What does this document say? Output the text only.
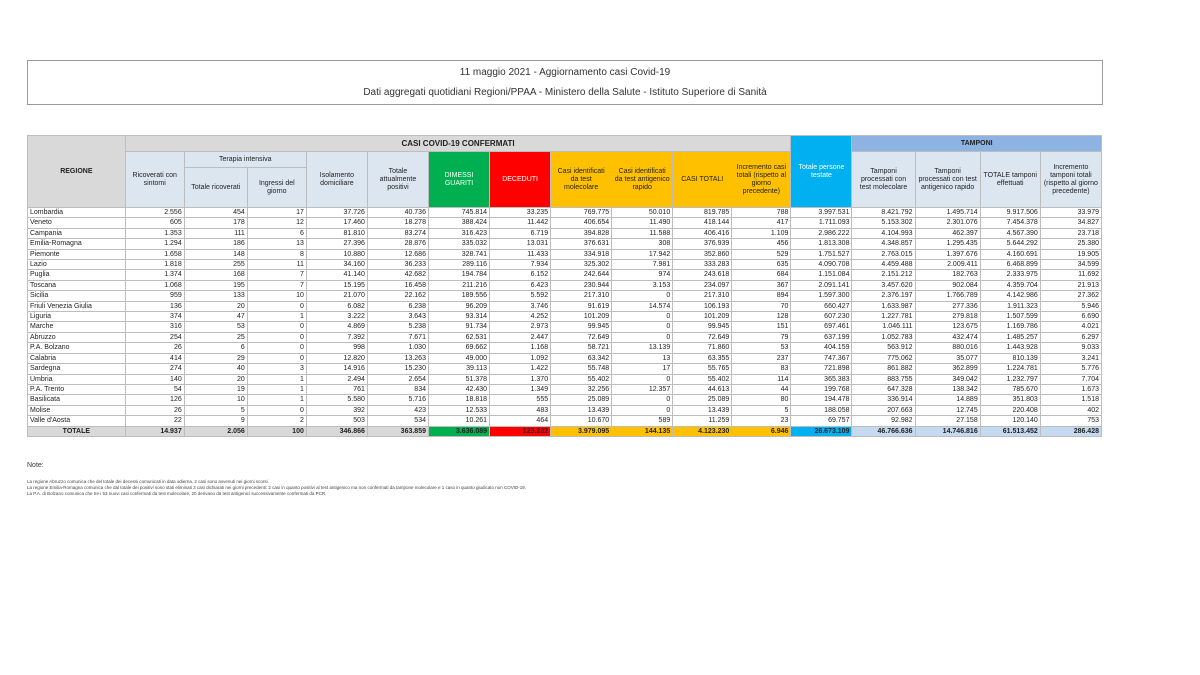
11 maggio 2021 - Aggiornamento casi Covid-19
Dati aggregati quotidiani Regioni/PPAA - Ministero della Salute - Istituto Superiore di Sanità
REGIONE	CASI COVID-19 CONFERMATI											Totale persone testate	TAMPONI			
	Ricoverati con sintomi	Terapia intensiva		Isolamento domiciliare	Totale attualmente positivi	DIMESSI GUARITI	DECEDUTI	Casi identificati da test molecolare	Casi identificati da test antigenico rapido	CASI TOTALI	Incremento casi totali (rispetto al giorno precedente)		Tamponi processati con test molecolare	Tamponi processati con test antigenico rapido	TOTALE tamponi effettuati	Incremento tamponi totali (rispetto al giorno precedente)
		Totale ricoverati	Ingressi del giorno													
Lombardia	2.556	454	17	37.726	40.736	745.814	33.235	769.775	50.010	819.785	788	3.997.531	8.421.792	1.495.714	9.917.506	33.979
Veneto	605	178	12	17.460	18.278	388.424	11.442	406.654	11.490	418.144	417	1.711.093	5.153.302	2.301.076	7.454.378	34.827
Campania	1.353	111	6	81.810	83.274	316.423	6.719	394.828	11.588	406.416	1.109	2.986.222	4.104.993	462.397	4.567.390	23.718
Emilia-Romagna	1.294	186	13	27.396	28.876	335.032	13.031	376.631	308	376.939	456	1.813.308	4.348.857	1.295.435	5.644.292	25.380
Piemonte	1.658	148	8	10.880	12.686	328.741	11.433	334.918	17.942	352.860	529	1.751.527	2.763.015	1.397.676	4.160.691	19.905
Lazio	1.818	255	11	34.160	36.233	289.116	7.934	325.302	7.981	333.283	635	4.090.708	4.459.488	2.009.411	6.468.899	34.599
Puglia	1.374	168	7	41.140	42.682	194.784	6.152	242.644	974	243.618	684	1.151.084	2.151.212	182.763	2.333.975	11.692
Toscana	1.068	195	7	15.195	16.458	211.216	6.423	230.944	3.153	234.097	367	2.091.141	3.457.620	902.084	4.359.704	21.913
Sicilia	959	133	10	21.070	22.162	189.556	5.592	217.310	0	217.310	894	1.597.300	2.376.197	1.766.789	4.142.986	27.362
Friuli Venezia Giulia	136	20	0	6.082	6.238	96.209	3.746	91.619	14.574	106.193	70	660.427	1.633.987	277.336	1.911.323	5.946
Liguria	374	47	1	3.222	3.643	93.314	4.252	101.209	0	101.209	128	607.230	1.227.781	279.818	1.507.599	6.690
Marche	316	53	0	4.869	5.238	91.734	2.973	99.945	0	99.945	151	697.461	1.046.111	123.675	1.169.786	4.021
Abruzzo	254	25	0	7.392	7.671	62.531	2.447	72.649	0	72.649	79	637.199	1.052.783	432.474	1.485.257	6.297
P.A. Bolzano	26	6	0	998	1.030	69.662	1.168	58.721	13.139	71.860	53	404.159	563.912	880.016	1.443.928	9.033
Calabria	414	29	0	12.820	13.263	49.000	1.092	63.342	13	63.355	237	747.367	775.062	35.077	810.139	3.241
Sardegna	274	40	3	14.916	15.230	39.113	1.422	55.748	17	55.765	83	721.898	861.882	362.899	1.224.781	5.776
Umbria	140	20	1	2.494	2.654	51.378	1.370	55.402	0	55.402	114	365.383	883.755	349.042	1.232.797	7.704
P.A. Trento	54	19	1	761	834	42.430	1.349	32.256	12.357	44.613	44	199.768	647.328	138.342	785.670	1.673
Basilicata	126	10	1	5.580	5.716	18.818	555	25.089	0	25.089	80	194.478	336.914	14.889	351.803	1.518
Molise	26	5	0	392	423	12.533	483	13.439	0	13.439	5	188.058	207.663	12.745	220.408	402
Valle d'Aosta	22	9	2	503	534	10.261	464	10.670	589	11.259	23	69.757	92.982	27.158	120.140	753
TOTALE	14.937	2.056	100	346.866	363.859	3.636.089	123.282	3.979.095	144.135	4.123.230	6.946	26.673.109	46.766.636	14.746.816	61.513.452	286.428
Note:
La regione Abruzzo comunica che del totale dei decessi comunicati in data odierna, 2 casi sono avvenuti nei giorni scorsi.
La regione Emilia-Romagna comunica che dal totale dei positivi sono stati eliminati 3 casi dichiarati nei giorni precedenti: 2 casi in quanto positivi al test antigenico ma non confermati da tampone molecolare e 1 caso in quanto giudicato non COVID-19.
La P.A. di Bolzano comunica che tre i 53 nuovi casi confermati da test molecolare, 20 derivano da test antigenici successivamente confermati da PCR.
